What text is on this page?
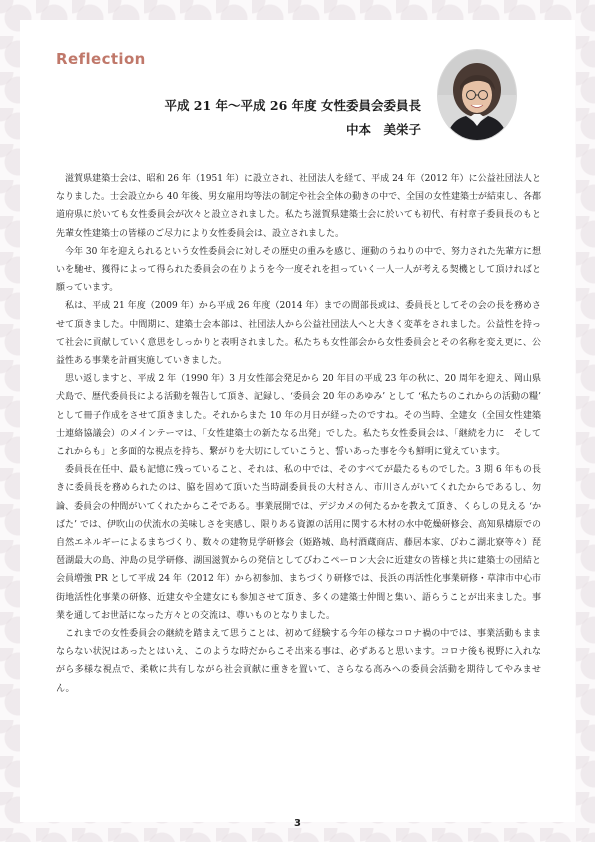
Reflection
平成 21 年〜平成 26 年度 女性委員会委員長
中本　美栄子

滋賀県建築士会は、昭和 26 年（1951 年）に設立され、社団法人を経て、平成 24 年（2012 年）に公益社団法人となりました。士会設立から 40 年後、男女雇用均等法の制定や社会全体の動きの中で、全国の女性建築士が結束し、各都道府県に於いても女性委員会が次々と設立されました。私たち滋賀県建築士会に於いても初代、有村章子委員長のもと先輩女性建築士の皆様のご尽力により女性委員会は、設立されました。

今年 30 年を迎えられるという女性委員会に対しその歴史の重みを感じ、運動のうねりの中で、努力された先輩方に想いを馳せ、獲得によって得られた委員会の在りようを今一度それを担っていく一人一人が考える契機として頂ければと願っています。

私は、平成 21 年度（2009 年）から平成 26 年度（2014 年）までの間部長或は、委員長としてその会の長を務めさせて頂きました。中間期に、建築士会本部は、社団法人から公益社団法人へと大きく変革をされました。公益性を持って社会に貢献していく意思をしっかりと表明されました。私たちも女性部会から女性委員会とその名称を変え更に、公益性ある事業を計画実施していきました。

思い返しますと、平成 2 年（1990 年）3 月女性部会発足から 20 年目の平成 23 年の秋に、20 周年を迎え、岡山県犬島で、歴代委員長による活動を報告して頂き、記録し、‘委員会 20 年のあゆみ’ として ‘私たちのこれからの活動の糧’ として冊子作成をさせて頂きました。それからまた 10 年の月日が経ったのですね。その当時、全建女（全国女性建築士連絡協議会）のメインテーマは、「女性建築士の新たなる出発」でした。私たち女性委員会は、「継続を力に　そしてこれからも」と多面的な視点を持ち、繋がりを大切にしていこうと、誓いあった事を今も鮮明に覚えています。

委員長在任中、最も記憶に残っていること、それは、私の中では、そのすべてが最たるものでした。3 期 6 年もの長きに委員長を務められたのは、脇を固めて頂いた当時副委員長の大村さん、市川さんがいてくれたからであるし、勿論、委員会の仲間がいてくれたからこそである。事業展開では、デジカメの何たるかを教えて頂き、くらしの見える ‘かばた’ では、伊吹山の伏流水の美味しさを実感し、限りある資源の活用に関する木材の水中乾燥研修会、高知県檮原での自然エネルギーによるまちづくり、数々の建物見学研修会（姫路城、島村酒蔵商店、藤居本家、びわこ湖北寮等々）琵琶湖最大の島、沖島の見学研修、湖国滋賀からの発信としてびわこペーロン大会に近建女の皆様と共に建築士の団結と会員増強 PR として平成 24 年（2012 年）から初参加、まちづくり研修では、長浜の再活性化事業研修・草津市中心市街地活性化事業の研修、近建女や全建女にも参加させて頂き、多くの建築士仲間と集い、語らうことが出来ました。事業を通してお世話になった方々との交流は、尊いものとなりました。

これまでの女性委員会の継続を踏まえて思うことは、初めて経験する今年の様なコロナ禍の中では、事業活動もままならない状況はあったとはいえ、このような時だからこそ出来る事は、必ずあると思います。コロナ後も視野に入れながら多様な視点で、柔軟に共有しながら社会貢献に重きを置いて、さらなる高みへの委員会活動を期待してやみません。

3
